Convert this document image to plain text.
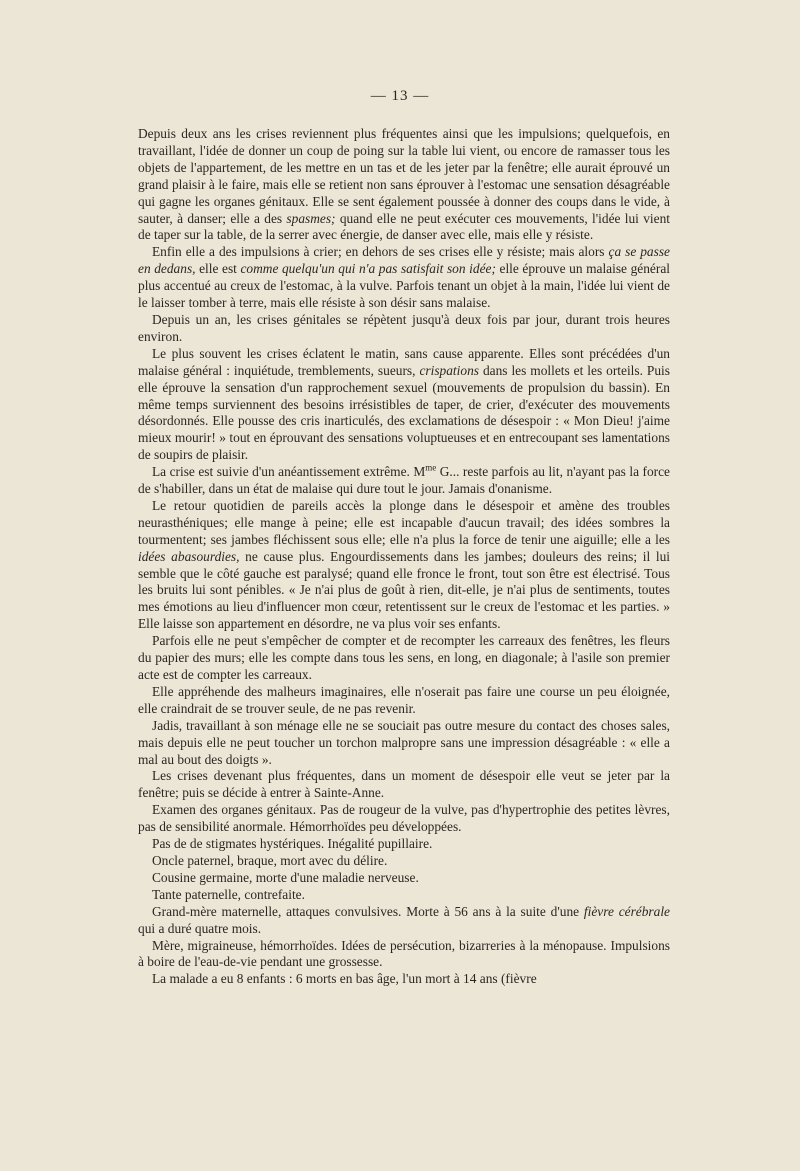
— 13 —

Depuis deux ans les crises reviennent plus fréquentes ainsi que les impulsions; quelquefois, en travaillant, l'idée de donner un coup de poing sur la table lui vient, ou encore de ramasser tous les objets de l'appartement, de les mettre en un tas et de les jeter par la fenêtre; elle aurait éprouvé un grand plaisir à le faire, mais elle se retient non sans éprouver à l'estomac une sensation désagréable qui gagne les organes génitaux. Elle se sent également poussée à donner des coups dans le vide, à sauter, à danser; elle a des spasmes; quand elle ne peut exécuter ces mouvements, l'idée lui vient de taper sur la table, de la serrer avec énergie, de danser avec elle, mais elle y résiste.

Enfin elle a des impulsions à crier; en dehors de ses crises elle y résiste; mais alors ça se passe en dedans, elle est comme quelqu'un qui n'a pas satisfait son idée; elle éprouve un malaise général plus accentué au creux de l'estomac, à la vulve. Parfois tenant un objet à la main, l'idée lui vient de le laisser tomber à terre, mais elle résiste à son désir sans malaise.

Depuis un an, les crises génitales se répètent jusqu'à deux fois par jour, durant trois heures environ.

Le plus souvent les crises éclatent le matin, sans cause apparente. Elles sont précédées d'un malaise général : inquiétude, tremblements, sueurs, crispations dans les mollets et les orteils. Puis elle éprouve la sensation d'un rapprochement sexuel (mouvements de propulsion du bassin). En même temps surviennent des besoins irrésistibles de taper, de crier, d'exécuter des mouvements désordonnés. Elle pousse des cris inarticulés, des exclamations de désespoir : « Mon Dieu! j'aime mieux mourir! » tout en éprouvant des sensations voluptueuses et en entrecoupant ses lamentations de soupirs de plaisir.

La crise est suivie d'un anéantissement extrême. $M^{me}$ G... reste parfois au lit, n'ayant pas la force de s'habiller, dans un état de malaise qui dure tout le jour. Jamais d'onanisme.

Le retour quotidien de pareils accès la plonge dans le désespoir et amène des troubles neurasthéniques; elle mange à peine; elle est incapable d'aucun travail; des idées sombres la tourmentent; ses jambes fléchissent sous elle; elle n'a plus la force de tenir une aiguille; elle a les idées abasourdies, ne cause plus. Engourdissements dans les jambes; douleurs des reins; il lui semble que le côté gauche est paralysé; quand elle fronce le front, tout son être est électrisé. Tous les bruits lui sont pénibles. « Je n'ai plus de goût à rien, dit-elle, je n'ai plus de sentiments, toutes mes émotions au lieu d'influencer mon cœur, retentissent sur le creux de l'estomac et les parties. » Elle laisse son appartement en désordre, ne va plus voir ses enfants.

Parfois elle ne peut s'empêcher de compter et de recompter les carreaux des fenêtres, les fleurs du papier des murs; elle les compte dans tous les sens, en long, en diagonale; à l'asile son premier acte est de compter les carreaux.

Elle appréhende des malheurs imaginaires, elle n'oserait pas faire une course un peu éloignée, elle craindrait de se trouver seule, de ne pas revenir.

Jadis, travaillant à son ménage elle ne se souciait pas outre mesure du contact des choses sales, mais depuis elle ne peut toucher un torchon malpropre sans une impression désagréable : « elle a mal au bout des doigts ».

Les crises devenant plus fréquentes, dans un moment de désespoir elle veut se jeter par la fenêtre; puis se décide à entrer à Sainte-Anne.

Examen des organes génitaux. Pas de rougeur de la vulve, pas d'hypertrophie des petites lèvres, pas de sensibilité anormale. Hémorrhoïdes peu développées.

Pas de de stigmates hystériques. Inégalité pupillaire.

Oncle paternel, braque, mort avec du délire.

Cousine germaine, morte d'une maladie nerveuse.

Tante paternelle, contrefaite.

Grand-mère maternelle, attaques convulsives. Morte à 56 ans à la suite d'une fièvre cérébrale qui a duré quatre mois.

Mère, migraineuse, hémorrhoïdes. Idées de persécution, bizarreries à la ménopause. Impulsions à boire de l'eau-de-vie pendant une grossesse.

La malade a eu 8 enfants : 6 morts en bas âge, l'un mort à 14 ans (fièvre
